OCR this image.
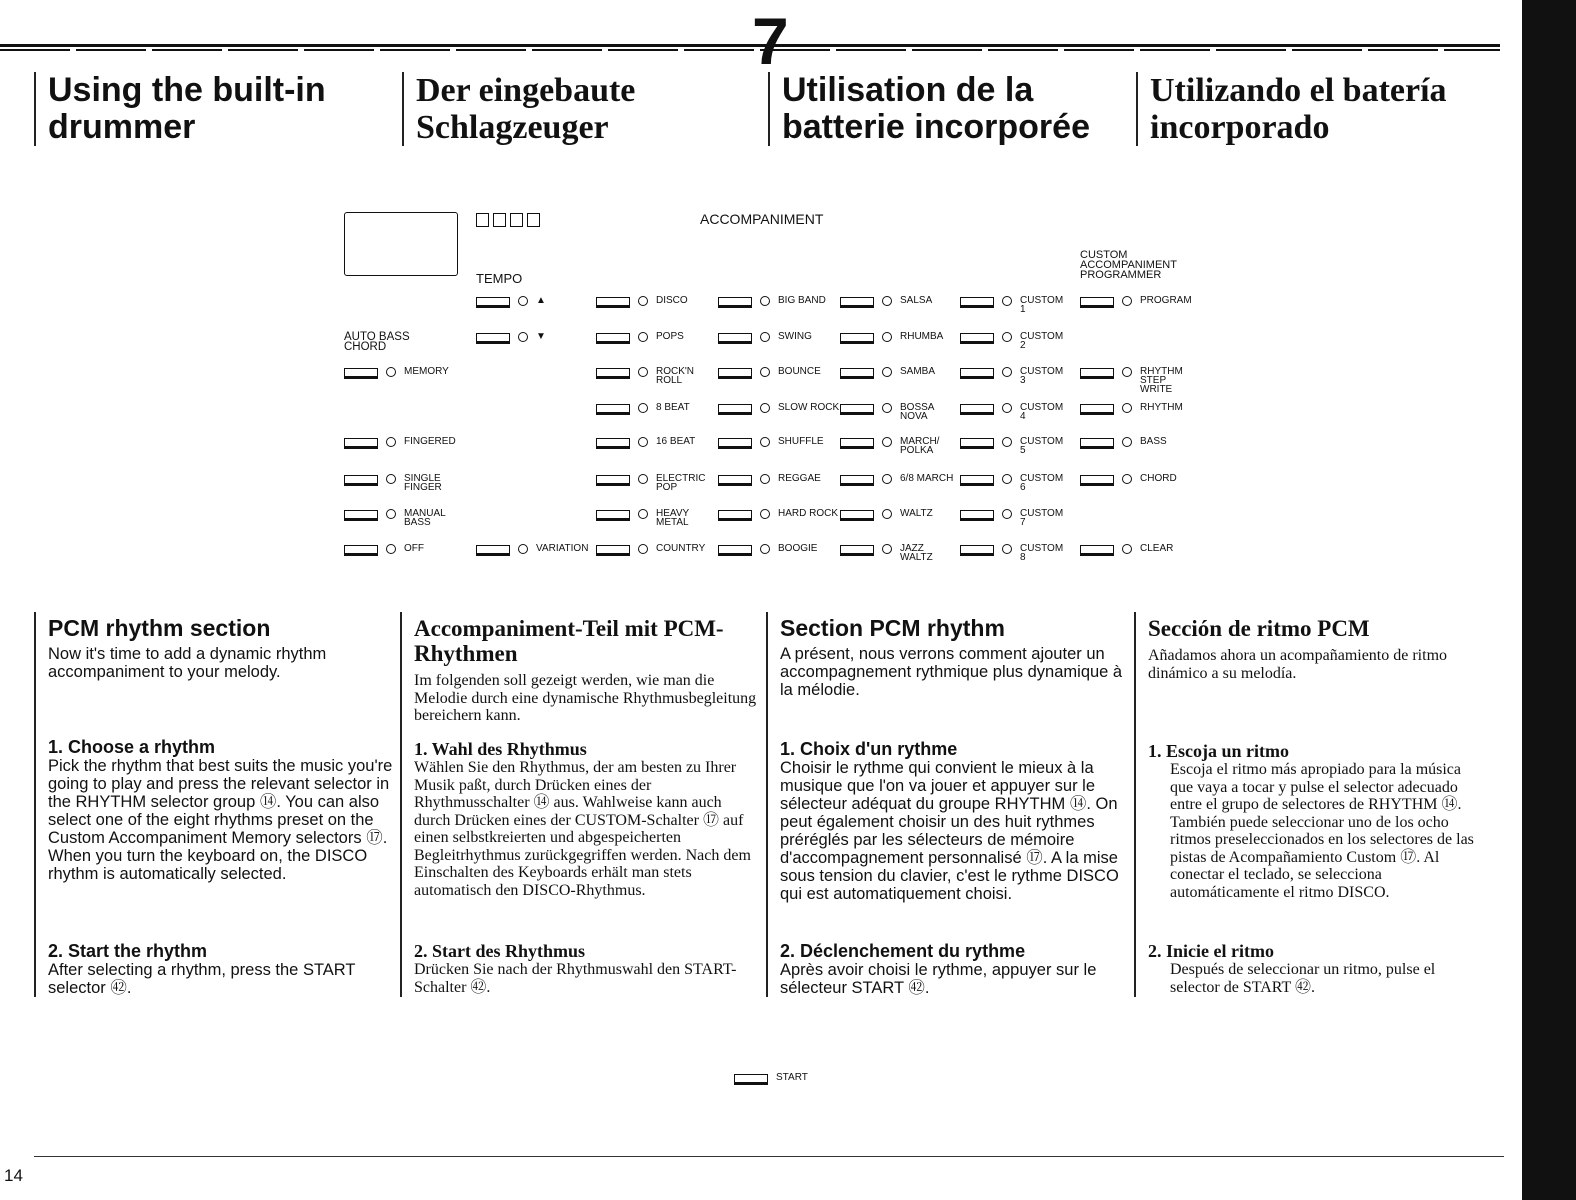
7
Using the built-in
drummer
Der eingebaute
Schlagzeuger
Utilisation de la
batterie incorporée
Utilizando el batería
incorporado
ACCOMPANIMENT
TEMPO
CUSTOM
ACCOMPANIMENT
PROGRAMMER
AUTO BASS
CHORD
▲
▼
MEMORY
FINGERED
SINGLE FINGER
MANUAL BASS
OFF	VARIATION
DISCO
POPS
ROCK'N ROLL
8 BEAT
16 BEAT
ELECTRIC POP
HEAVY METAL
COUNTRY
BIG BAND
SWING
BOUNCE
SLOW ROCK
SHUFFLE
REGGAE
HARD ROCK
BOOGIE
SALSA
RHUMBA
SAMBA
BOSSA NOVA
MARCH/ POLKA
6/8 MARCH
WALTZ
JAZZ WALTZ
CUSTOM
1
CUSTOM
2
CUSTOM
3
CUSTOM
4
CUSTOM
5
CUSTOM
6
CUSTOM
7
CUSTOM
8
PROGRAM
RHYTHM STEP WRITE
RHYTHM
BASS
CHORD
CLEAR
PCM rhythm section

Now it's time to add a dynamic rhythm accompaniment to your melody.

1. Choose a rhythm

Pick the rhythm that best suits the music you're going to play and press the relevant selector in the RHYTHM selector group ⑭. You can also select one of the eight rhythms preset on the Custom Accompaniment Memory selectors ⑰. When you turn the keyboard on, the DISCO rhythm is automatically selected.

2. Start the rhythm

After selecting a rhythm, press the START selector ㊷.

Accompaniment-Teil mit PCM-Rhythmen

Im folgenden soll gezeigt werden, wie man die Melodie durch eine dynamische Rhythmusbegleitung bereichern kann.

1. Wahl des Rhythmus

Wählen Sie den Rhythmus, der am besten zu Ihrer Musik paßt, durch Drücken eines der Rhythmusschalter ⑭ aus. Wahlweise kann auch durch Drücken eines der CUSTOM-Schalter ⑰ auf einen selbstkreierten und abgespeicherten Begleitrhythmus zurückgegriffen werden. Nach dem Einschalten des Keyboards erhält man stets automatisch den DISCO-Rhythmus.

2. Start des Rhythmus

Drücken Sie nach der Rhythmuswahl den START-Schalter ㊷.

Section PCM rhythm

A présent, nous verrons comment ajouter un accompagnement rythmique plus dynamique à la mélodie.

1. Choix d'un rythme

Choisir le rythme qui convient le mieux à la musique que l'on va jouer et appuyer sur le sélecteur adéquat du groupe RHYTHM ⑭. On peut également choisir un des huit rythmes préréglés par les sélecteurs de mémoire d'accompagnement personnalisé ⑰. A la mise sous tension du clavier, c'est le rythme DISCO qui est automatiquement choisi.

2. Déclenchement du rythme

Après avoir choisi le rythme, appuyer sur le sélecteur START ㊷.

Sección de ritmo PCM

Añadamos ahora un acompañamiento de ritmo dinámico a su melodía.

1. Escoja un ritmo

Escoja el ritmo más apropiado para la música que vaya a tocar y pulse el selector adecuado entre el grupo de selectores de RHYTHM ⑭. También puede seleccionar uno de los ocho ritmos preseleccionados en los selectores de las pistas de Acompañamiento Custom ⑰. Al conectar el teclado, se selecciona automáticamente el ritmo DISCO.

2. Inicie el ritmo

Después de seleccionar un ritmo, pulse el selector de START ㊷.

START
14
